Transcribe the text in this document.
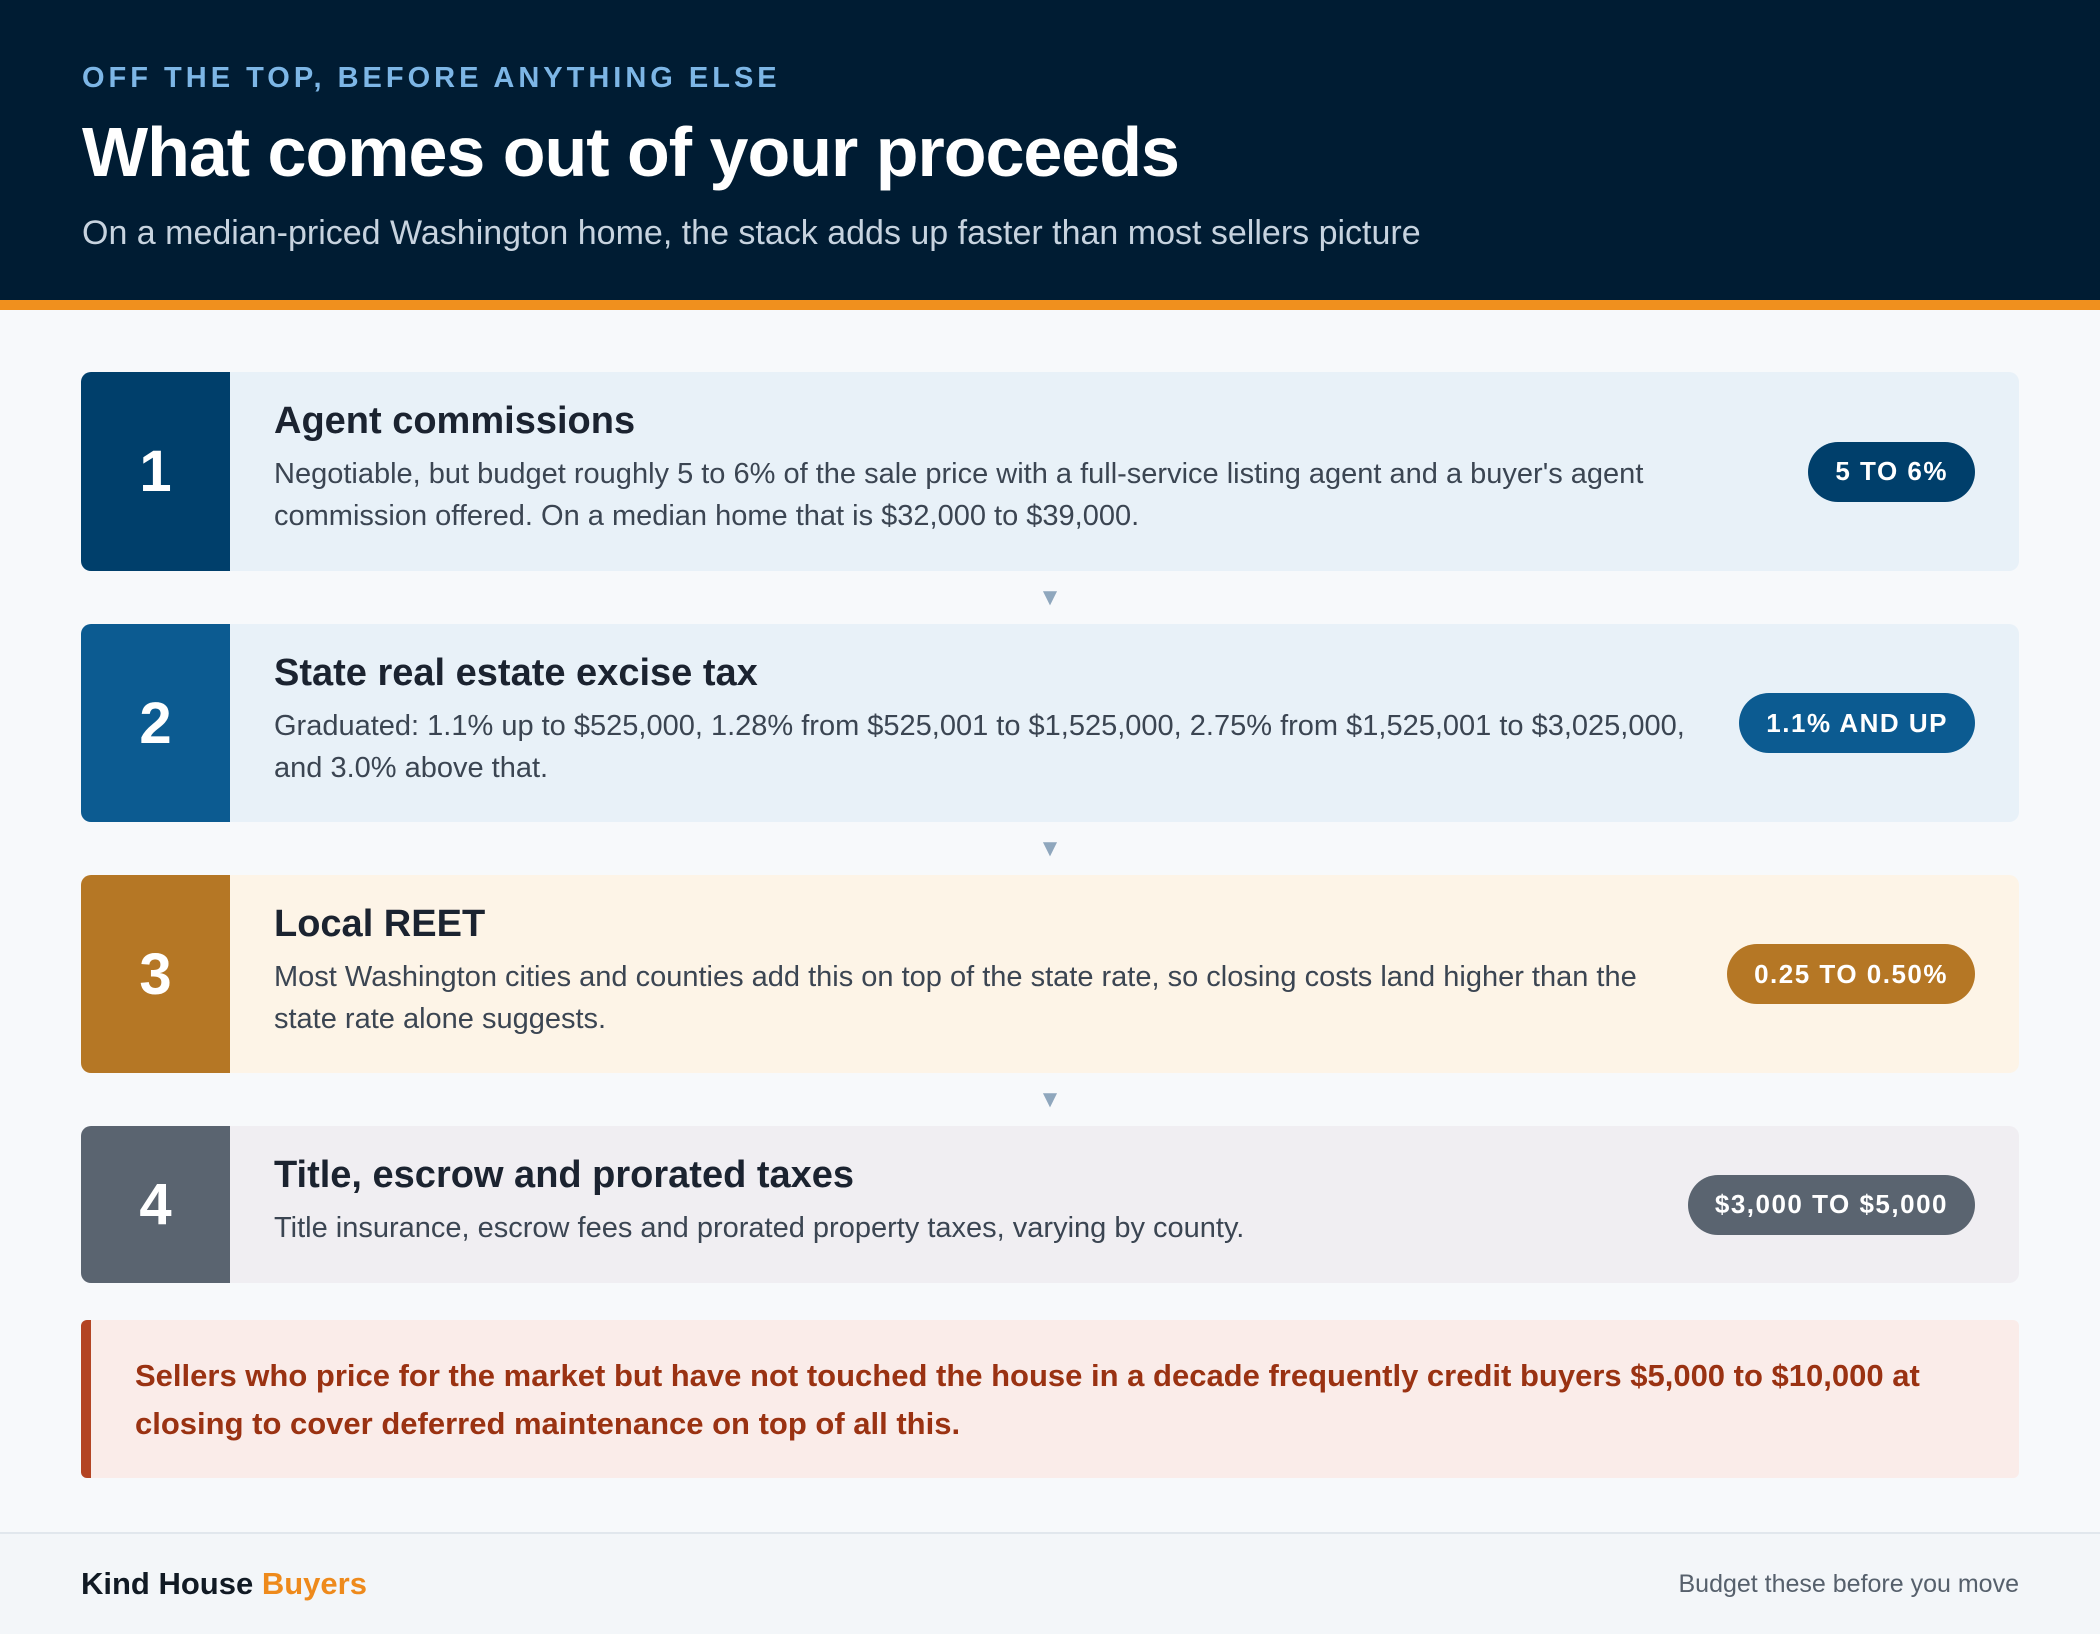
OFF THE TOP, BEFORE ANYTHING ELSE
What comes out of your proceeds
On a median-priced Washington home, the stack adds up faster than most sellers picture
1
Agent commissions
Negotiable, but budget roughly 5 to 6% of the sale price with a full-service listing agent and a buyer's agent commission offered. On a median home that is $32,000 to $39,000.
5 TO 6%
▼
2
State real estate excise tax
Graduated: 1.1% up to $525,000, 1.28% from $525,001 to $1,525,000, 2.75% from $1,525,001 to $3,025,000, and 3.0% above that.
1.1% AND UP
▼
3
Local REET
Most Washington cities and counties add this on top of the state rate, so closing costs land higher than the state rate alone suggests.
0.25 TO 0.50%
▼
4	Title, escrow and prorated taxes
Title insurance, escrow fees and prorated property taxes, varying by county.
$3,000 TO $5,000
Sellers who price for the market but have not touched the house in a decade frequently credit buyers $5,000 to $10,000 at closing to cover deferred maintenance on top of all this.
Kind House Buyers	Budget these before you move
